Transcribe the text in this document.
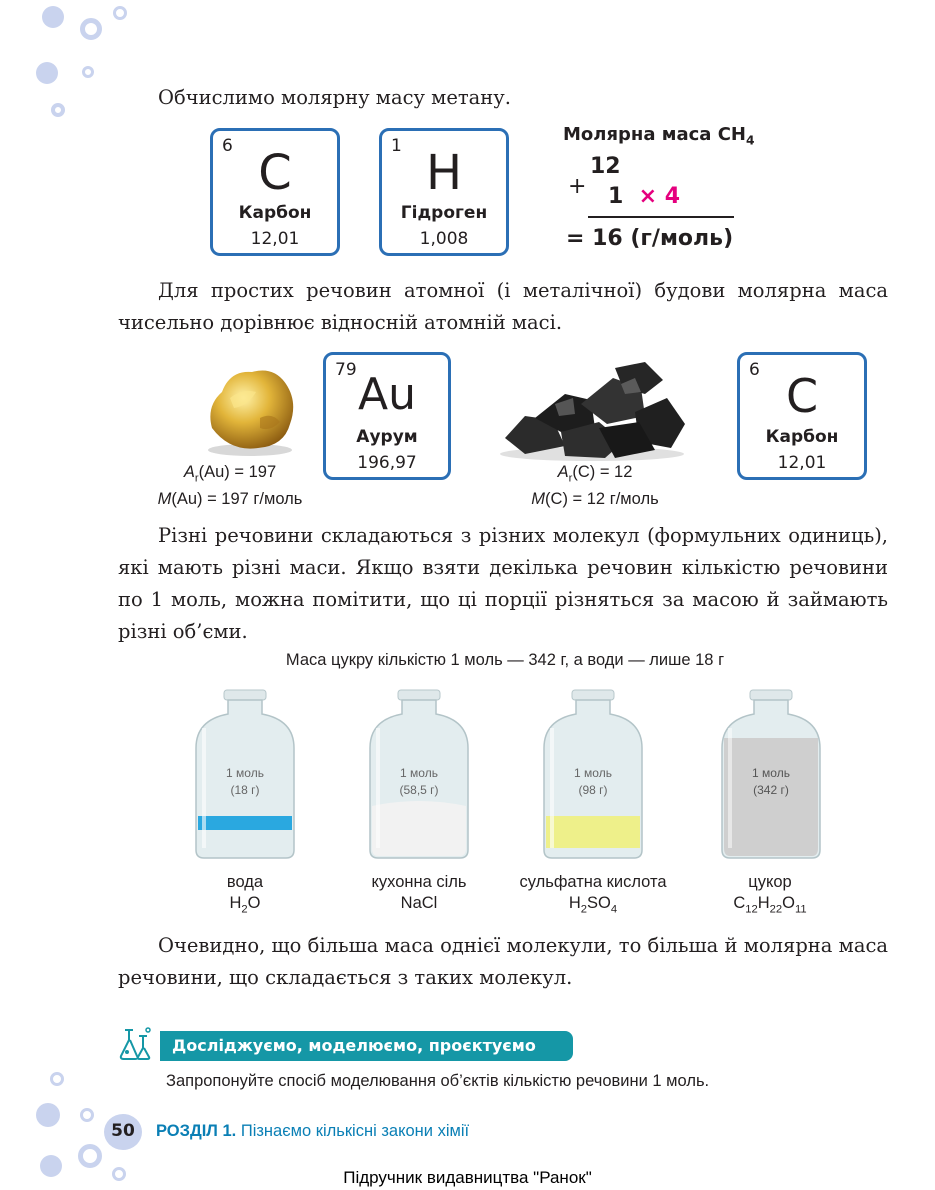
Обчислимо молярну масу метану.
6 C
Карбон
12,01
1 H
Гідроген
1,008
Молярна маса $CH_4$
+
12
1 × 4
= 16 (г/моль)
Для простих речовин атомної (і металічної) будови молярна маса чисельно дорівнює відносній атомній масі.
$A_r(Au) = 197$
M(Au) = 197 г/моль
79 Au
Аурум
196,97	$A_r(C) = 12$
M(C) = 12 г/моль
6 C
Карбон
12,01
Різні речовини складаються з різних молекул (формульних одиниць), які мають різні маси. Якщо взяти декілька речовин кількістю речовини по 1 моль, можна помітити, що ці порції різняться за масою й займають різні об’єми.
Маса цукру кількістю 1 моль — 342 г, а води — лише 18 г
1 моль
(18 г)
1 моль
(58,5 г)
1 моль
(98 г)
1 моль
(342 г)
вода
$H_2O$
кухонна сіль
NaCl
сульфатна кислота
$H_2SO_4$
цукор
$C_{12}H_{22}O_{11}$
Очевидно, що більша маса однієї молекули, то більша й молярна маса речовини, що складається з таких молекул.
Досліджуємо, моделюємо, проєктуємо
Запропонуйте спосіб моделювання об’єктів кількістю речовини 1 моль.
50	РОЗДІЛ 1. Пізнаємо кількісні закони хімії
Підручник видавництва "Ранок"
